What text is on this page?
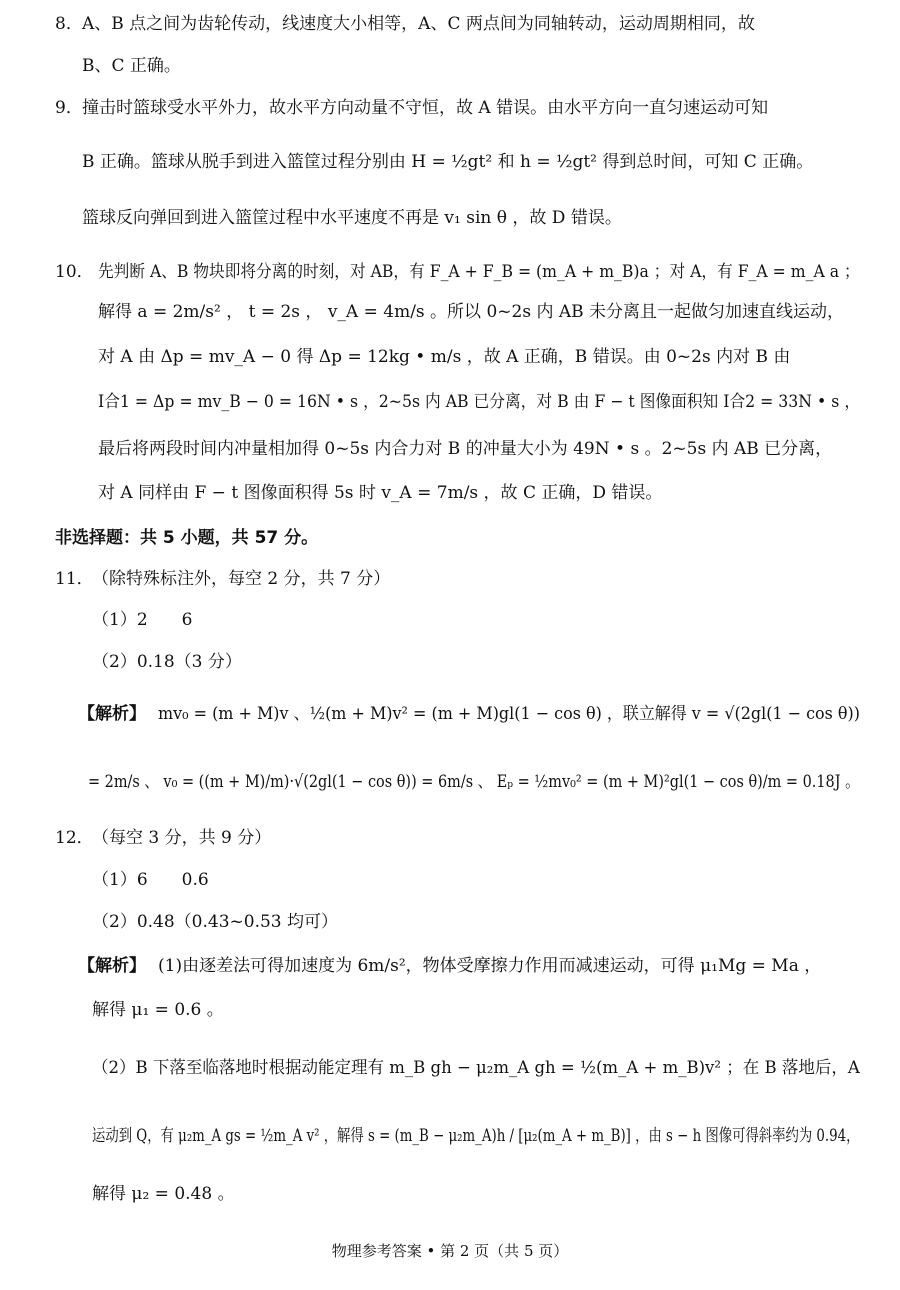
8． A、B 点之间为齿轮传动，线速度大小相等，A、C 两点间为同轴转动，运动周期相同，故
B、C 正确。
9． 撞击时篮球受水平外力，故水平方向动量不守恒，故 A 错误。由水平方向一直匀速运动可知
B 正确。篮球从脱手到进入篮筐过程分别由 H = ½gt² 和 h = ½gt² 得到总时间，可知 C 正确。
篮球反向弹回到进入篮筐过程中水平速度不再是 v₁ sin θ ，故 D 错误。
10． 先判断 A、B 物块即将分离的时刻，对 AB，有 F_A + F_B = (m_A + m_B)a ；对 A，有 F_A = m_A a ；
解得 a = 2m/s² ， t = 2s ， v_A = 4m/s 。所以 0~2s 内 AB 未分离且一起做匀加速直线运动，
对 A 由 Δp = mv_A − 0 得 Δp = 12kg • m/s ，故 A 正确，B 错误。由 0~2s 内对 B 由
I合1 = Δp = mv_B − 0 = 16N • s ，2~5s 内 AB 已分离，对 B 由 F − t 图像面积知 I合2 = 33N • s ，
最后将两段时间内冲量相加得 0~5s 内合力对 B 的冲量大小为 49N • s 。2~5s 内 AB 已分离，
对 A 同样由 F − t 图像面积得 5s 时 v_A = 7m/s ，故 C 正确，D 错误。
非选择题：共 5 小题，共 57 分。
11．
（除特殊标注外，每空 2 分，共 7 分）
（1）2　　6
（2）0.18（3 分）
【解析】 mv₀ = (m + M)v 、½(m + M)v² = (m + M)gl(1 − cos θ) ，联立解得 v = √(2gl(1 − cos θ))
= 2m/s 、 v₀ = ((m + M)/m)·√(2gl(1 − cos θ)) = 6m/s 、 Eₚ = ½mv₀² = (m + M)²gl(1 − cos θ)/m = 0.18J 。
12．
（每空 3 分，共 9 分）
（1）6　　0.6
（2）0.48（0.43~0.53 均可）
【解析】 (1)由逐差法可得加速度为 6m/s²，物体受摩擦力作用而减速运动，可得 μ₁Mg = Ma ，
解得 μ₁ = 0.6 。
（2）B 下落至临落地时根据动能定理有 m_B gh − μ₂m_A gh = ½(m_A + m_B)v² ；在 B 落地后，A
运动到 Q，有 μ₂m_A gs = ½m_A v² ，解得 s = (m_B − μ₂m_A)h / [μ₂(m_A + m_B)] ，由 s − h 图像可得斜率约为 0.94，
解得 μ₂ = 0.48 。
物理参考答案 • 第 2 页（共 5 页）
